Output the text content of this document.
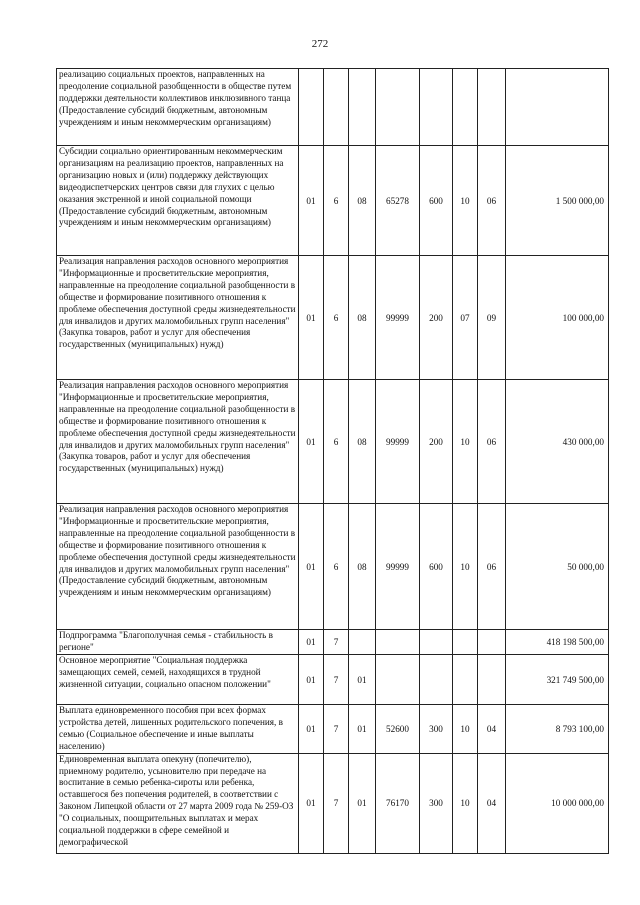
272
реализацию социальных проектов, направленных на преодоление социальной разобщенности в обществе путем поддержки деятельности коллективов инклюзивного танца (Предоставление субсидий бюджетным, автономным учреждениям и иным некоммерческим организациям)								
Субсидии социально ориентированным некоммерческим организациям на реализацию проектов, направленных на организацию новых и (или) поддержку действующих видеодиспетчерских центров связи для глухих с целью оказания экстренной и иной социальной помощи (Предоставление субсидий бюджетным, автономным учреждениям и иным некоммерческим организациям)	01	6	08	65278	600	10	06	1 500 000,00
Реализация направления расходов основного мероприятия "Информационные и просветительские мероприятия, направленные на преодоление социальной разобщенности в обществе и формирование позитивного отношения к проблеме обеспечения доступной среды жизнедеятельности для инвалидов и других маломобильных групп населения" (Закупка товаров, работ и услуг для обеспечения государственных (муниципальных) нужд)	01	6	08	99999	200	07	09	100 000,00
Реализация направления расходов основного мероприятия "Информационные и просветительские мероприятия, направленные на преодоление социальной разобщенности в обществе и формирование позитивного отношения к проблеме обеспечения доступной среды жизнедеятельности для инвалидов и других маломобильных групп населения" (Закупка товаров, работ и услуг для обеспечения государственных (муниципальных) нужд)	01	6	08	99999	200	10	06	430 000,00
Реализация направления расходов основного мероприятия "Информационные и просветительские мероприятия, направленные на преодоление социальной разобщенности в обществе и формирование позитивного отношения к проблеме обеспечения доступной среды жизнедеятельности для инвалидов и других маломобильных групп населения" (Предоставление субсидий бюджетным, автономным учреждениям и иным некоммерческим организациям)	01	6	08	99999	600	10	06	50 000,00
Подпрограмма "Благополучная семья - стабильность в регионе"	01	7						418 198 500,00
Основное мероприятие "Социальная поддержка замещающих семей, семей, находящихся в трудной жизненной ситуации, социально опасном положении"	01	7	01					321 749 500,00
Выплата единовременного пособия при всех формах устройства детей, лишенных родительского попечения, в семью (Социальное обеспечение и иные выплаты населению)	01	7	01	52600	300	10	04	8 793 100,00
Единовременная выплата опекуну (попечителю), приемному родителю, усыновителю при передаче на воспитание в семью ребенка-сироты или ребенка, оставшегося без попечения родителей, в соответствии с Законом Липецкой области от 27 марта 2009 года № 259-ОЗ "О социальных, поощрительных выплатах и мерах социальной поддержки в сфере семейной и демографической	01	7	01	76170	300	10	04	10 000 000,00
